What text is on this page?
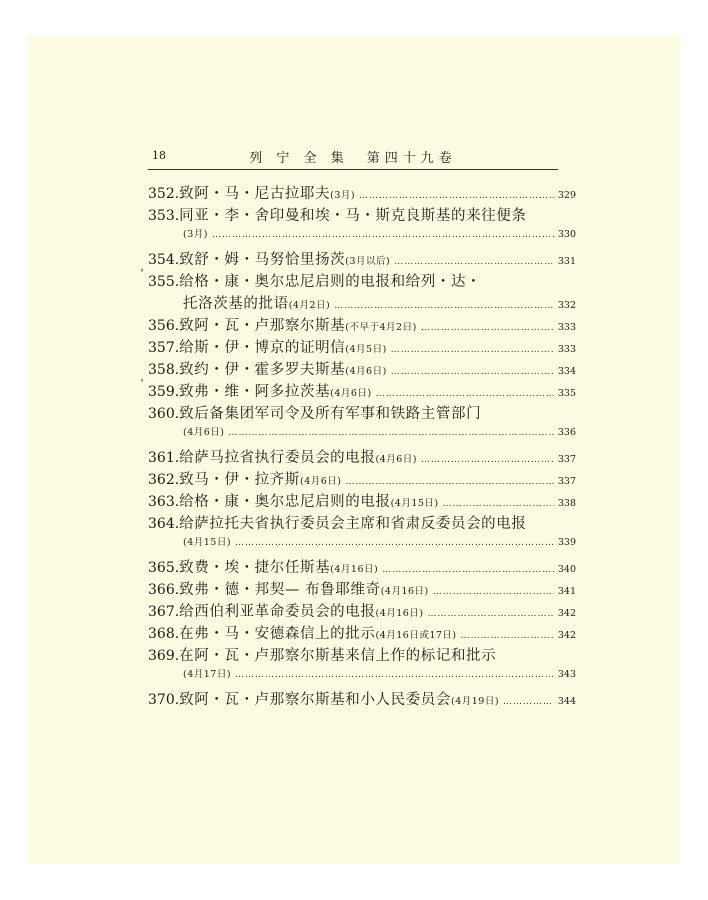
18	列 宁 全 集　第四十九卷
352. 致阿・马・尼古拉耶夫 (3月) ………………………………………………………………………………………………………………………………	329
353. 同亚・李・舍印曼和埃・马・斯克良斯基的来往便条
(3月) ………………………………………………………………………………………………………………………………	330
354. 致舒・姆・马努恰里扬茨 (3月以后) ………………………………………………………………………………………………………………………………	331
°
355. 给格・康・奥尔忠尼启则的电报和给列・达・
托洛茨基的批语 (4月2日) ………………………………………………………………………………………………………………………………	332
356. 致阿・瓦・卢那察尔斯基 (不早于4月2日) ………………………………………………………………………………………………………………………………	333
357. 给斯・伊・博京的证明信 (4月5日) ………………………………………………………………………………………………………………………………	333
358. 致约・伊・霍多罗夫斯基 (4月6日) ………………………………………………………………………………………………………………………………	334
°
359. 致弗・维・阿多拉茨基 (4月6日) ………………………………………………………………………………………………………………………………	335
360. 致后备集团军司令及所有军事和铁路主管部门
(4月6日) ………………………………………………………………………………………………………………………………	336
361. 给萨马拉省执行委员会的电报 (4月6日) ………………………………………………………………………………………………………………………………	337
362. 致马・伊・拉齐斯 (4月6日) ………………………………………………………………………………………………………………………………	337
363. 给格・康・奥尔忠尼启则的电报 (4月15日) ………………………………………………………………………………………………………………………………	338
364. 给萨拉托夫省执行委员会主席和省肃反委员会的电报
(4月15日) ………………………………………………………………………………………………………………………………	339
365. 致费・埃・捷尔任斯基 (4月16日) ………………………………………………………………………………………………………………………………	340
366. 致弗・德・邦契— 布鲁耶维奇 (4月16日) ………………………………………………………………………………………………………………………………	341
367. 给西伯利亚革命委员会的电报 (4月16日) ………………………………………………………………………………………………………………………………	342
368. 在弗・马・安德森信上的批示 (4月16日或17日) ………………………………………………………………………………………………………………………………	342
369. 在阿・瓦・卢那察尔斯基来信上作的标记和批示
(4月17日) ………………………………………………………………………………………………………………………………	343
370. 致阿・瓦・卢那察尔斯基和小人民委员会 (4月19日) ………………………………………………………………………………………………………………………………	344
